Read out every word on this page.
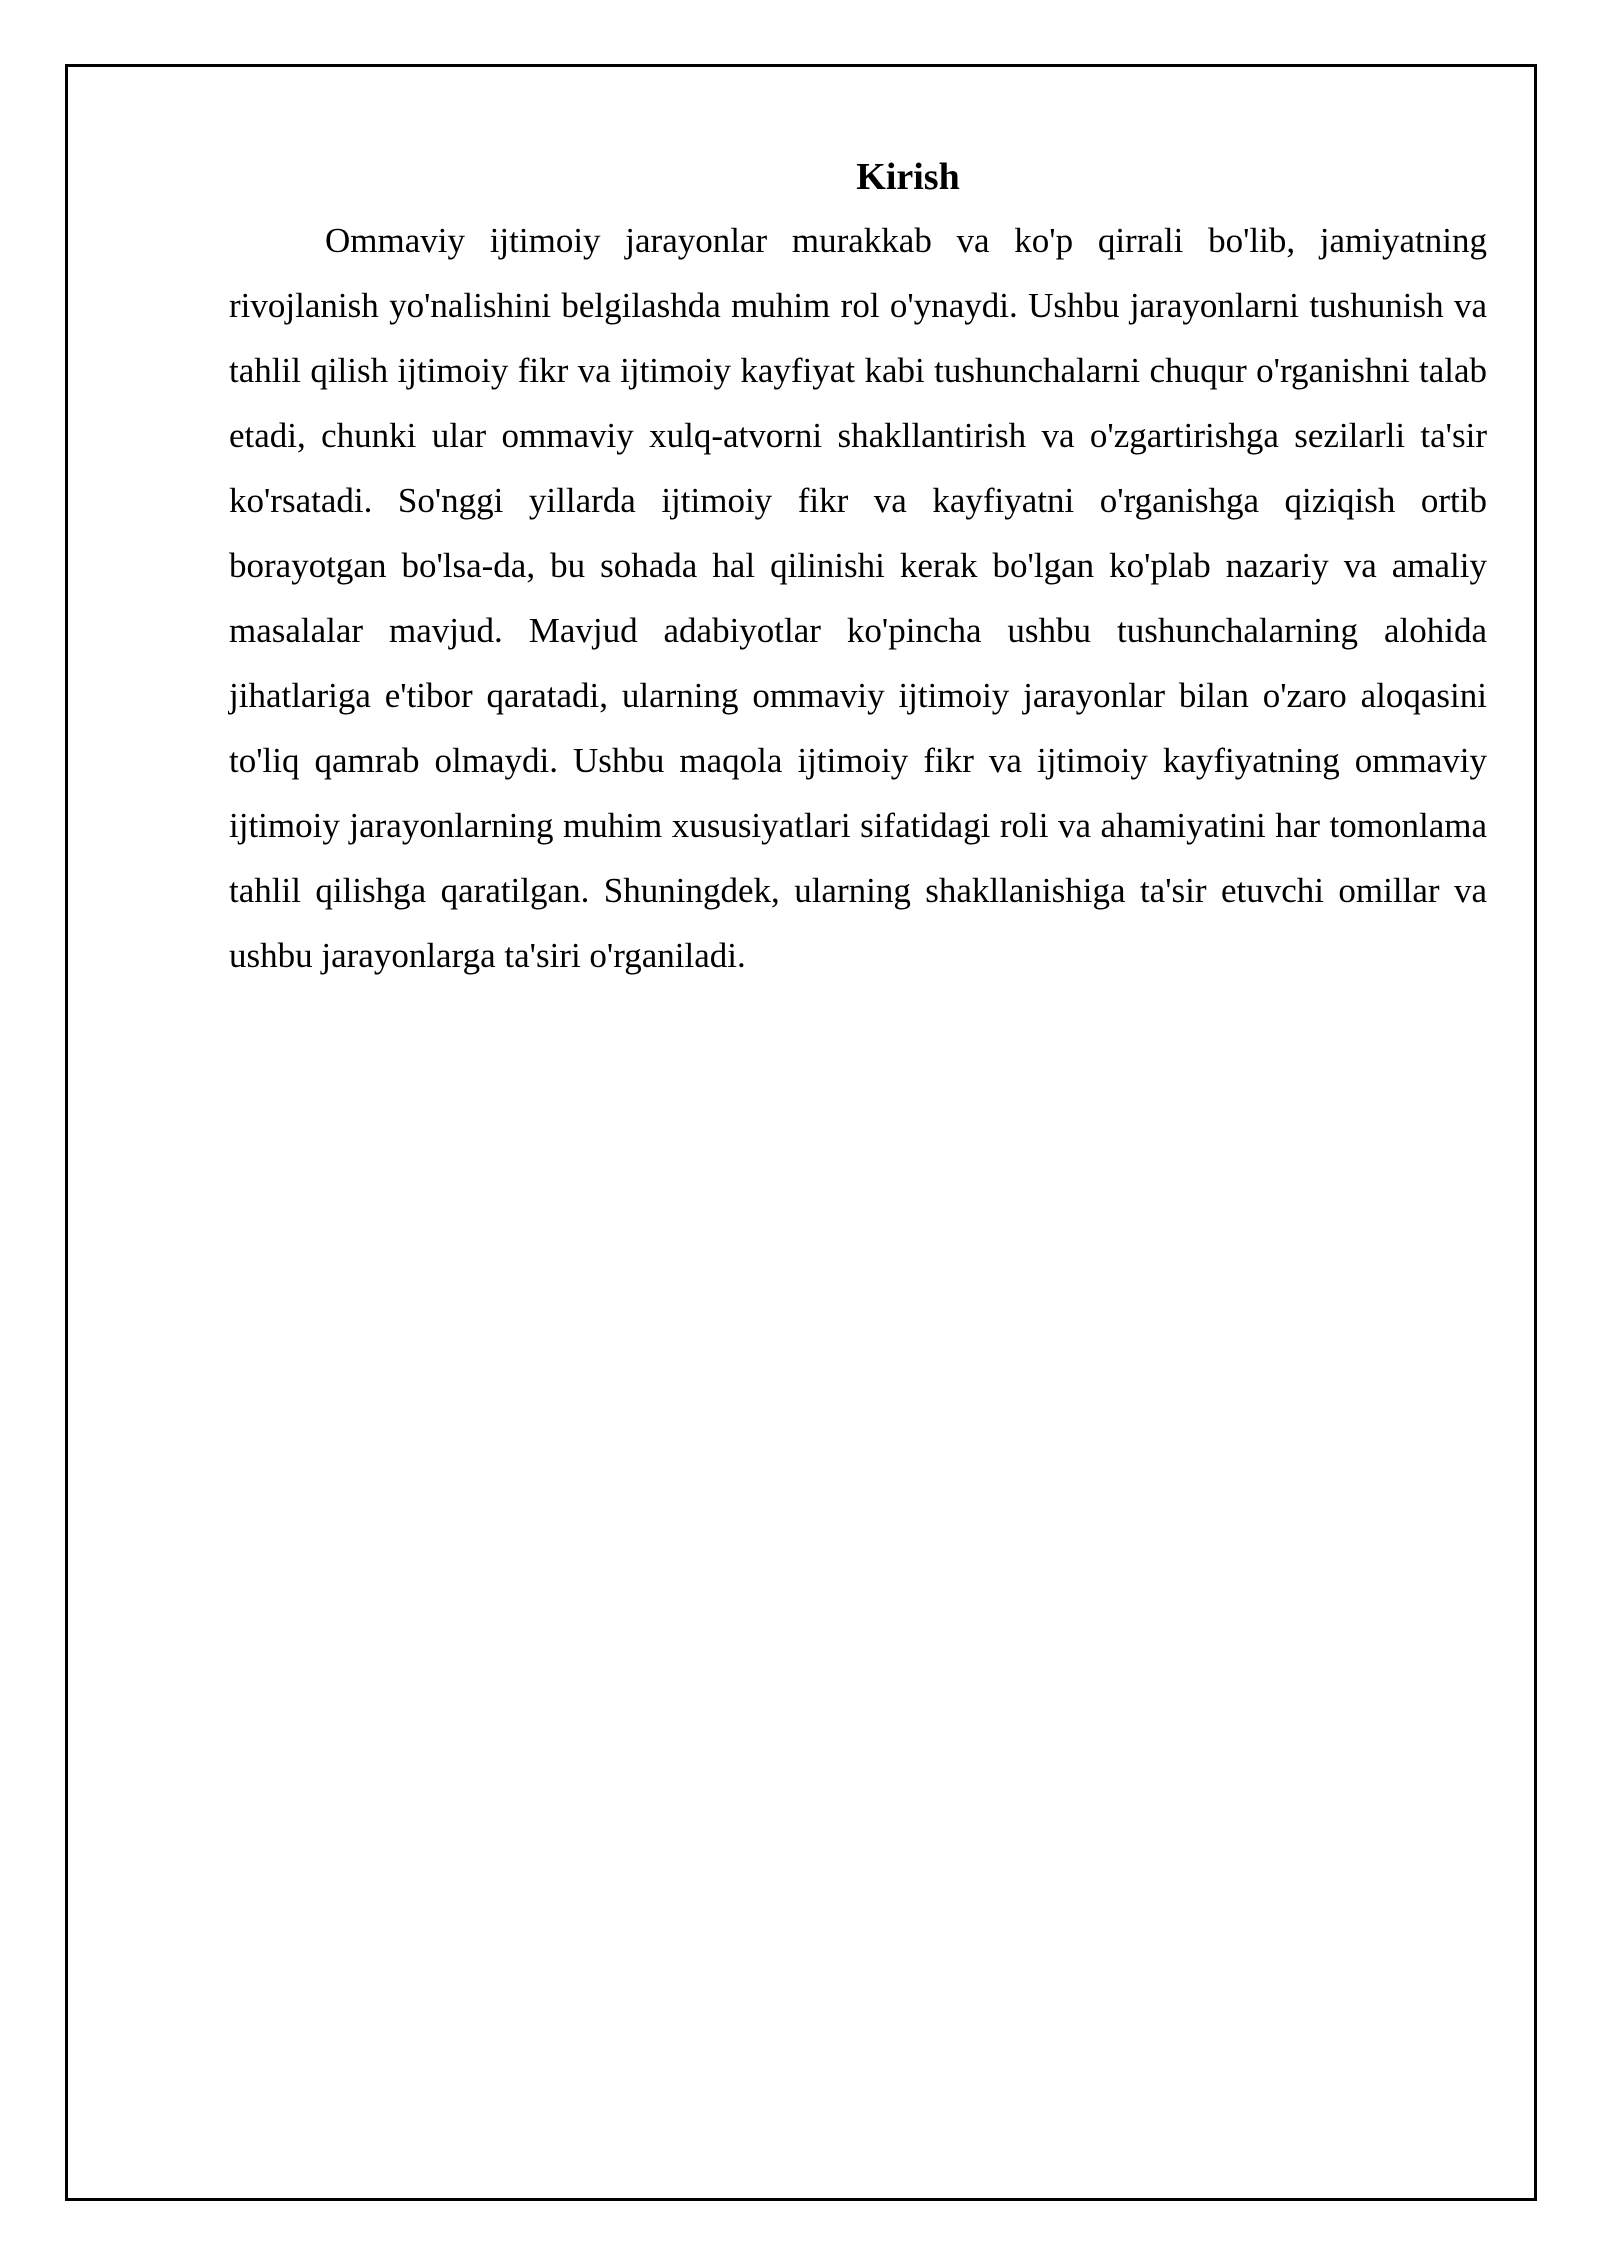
Kirish

Ommaviy ijtimoiy jarayonlar murakkab va ko'p qirrali bo'lib, jamiyatning rivojlanish yo'nalishini belgilashda muhim rol o'ynaydi. Ushbu jarayonlarni tushunish va tahlil qilish ijtimoiy fikr va ijtimoiy kayfiyat kabi tushunchalarni chuqur o'rganishni talab etadi, chunki ular ommaviy xulq-atvorni shakllantirish va o'zgartirishga sezilarli ta'sir ko'rsatadi. So'nggi yillarda ijtimoiy fikr va kayfiyatni o'rganishga qiziqish ortib borayotgan bo'lsa-da, bu sohada hal qilinishi kerak bo'lgan ko'plab nazariy va amaliy masalalar mavjud. Mavjud adabiyotlar ko'pincha ushbu tushunchalarning alohida jihatlariga e'tibor qaratadi, ularning ommaviy ijtimoiy jarayonlar bilan o'zaro aloqasini to'liq qamrab olmaydi. Ushbu maqola ijtimoiy fikr va ijtimoiy kayfiyatning ommaviy ijtimoiy jarayonlarning muhim xususiyatlari sifatidagi roli va ahamiyatini har tomonlama tahlil qilishga qaratilgan. Shuningdek, ularning shakllanishiga ta'sir etuvchi omillar va ushbu jarayonlarga ta'siri o'rganiladi.
